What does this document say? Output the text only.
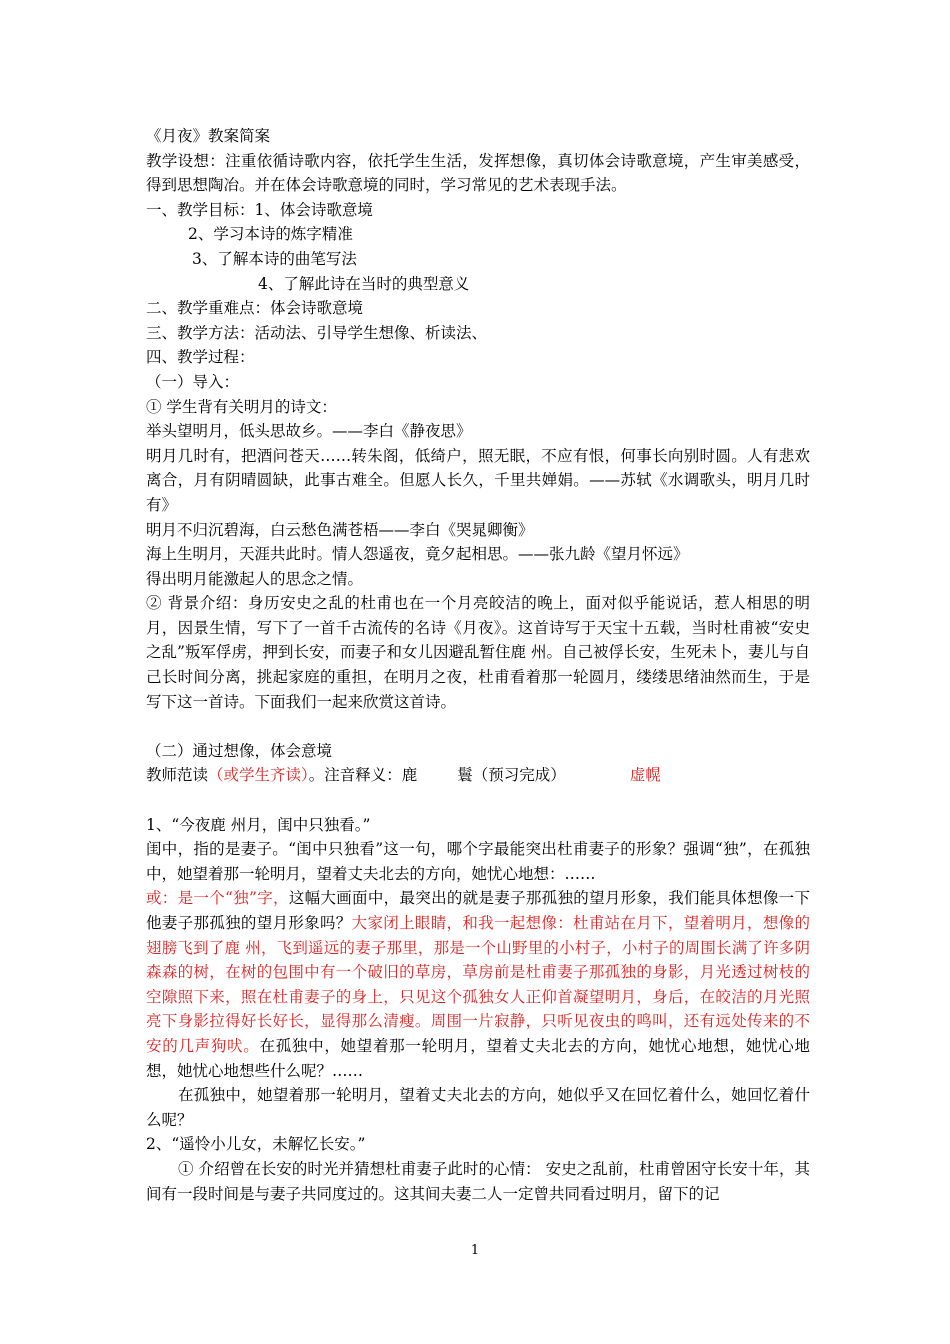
《月夜》教案简案

教学设想：注重依循诗歌内容，依托学生生活，发挥想像，真切体会诗歌意境，产生审美感受，得到思想陶冶。并在体会诗歌意境的同时，学习常见的艺术表现手法。

一、教学目标：1、体会诗歌意境
2、学习本诗的炼字精准
3、了解本诗的曲笔写法
4、了解此诗在当时的典型意义
二、教学重难点：体会诗歌意境
三、教学方法：活动法、引导学生想像、析读法、
四、教学过程：
（一）导入：
① 学生背有关明月的诗文：
举头望明月，低头思故乡。——李白《静夜思》

明月几时有，把酒问苍天……转朱阁，低绮户，照无眠，不应有恨，何事长向别时圆。人有悲欢离合，月有阴晴圆缺，此事古难全。但愿人长久，千里共婵娟。——苏轼《水调歌头，明月几时有》

明月不归沉碧海，白云愁色满苍梧——李白《哭晁卿衡》
海上生明月，天涯共此时。情人怨遥夜，竟夕起相思。——张九龄《望月怀远》
得出明月能激起人的思念之情。

② 背景介绍：身历安史之乱的杜甫也在一个月亮皎洁的晚上，面对似乎能说话，惹人相思的明月，因景生情，写下了一首千古流传的名诗《月夜》。这首诗写于天宝十五载，当时杜甫被“安史之乱”叛军俘虏，押到长安，而妻子和女儿因避乱暂住鹿 州。自己被俘长安，生死未卜，妻儿与自己长时间分离，挑起家庭的重担，在明月之夜，杜甫看着那一轮圆月，缕缕思绪油然而生，于是写下这一首诗。下面我们一起来欣赏这首诗。

（二）通过想像，体会意境
教师范读（或学生齐读）。注音释义：鹿	鬟（预习完成）	虚幌
1、“今夜鹿 州月，闺中只独看。”

闺中，指的是妻子。“闺中只独看”这一句，哪个字最能突出杜甫妻子的形象？强调“独”，在孤独中，她望着那一轮明月，望着丈夫北去的方向，她忧心地想：……

或：是一个“独”字，这幅大画面中，最突出的就是妻子那孤独的望月形象，我们能具体想像一下他妻子那孤独的望月形象吗？大家闭上眼睛，和我一起想像：杜甫站在月下，望着明月，想像的翅膀飞到了鹿 州，飞到遥远的妻子那里，那是一个山野里的小村子，小村子的周围长满了许多阴森森的树，在树的包围中有一个破旧的草房，草房前是杜甫妻子那孤独的身影，月光透过树枝的空隙照下来，照在杜甫妻子的身上，只见这个孤独女人正仰首凝望明月，身后，在皎洁的月光照亮下身影拉得好长好长，显得那么清瘦。周围一片寂静，只听见夜虫的鸣叫，还有远处传来的不安的几声狗吠。在孤独中，她望着那一轮明月，望着丈夫北去的方向，她忧心地想，她忧心地想，她忧心地想些什么呢？……

在孤独中，她望着那一轮明月，望着丈夫北去的方向，她似乎又在回忆着什么，她回忆着什么呢？

2、“遥怜小儿女，未解忆长安。”

① 介绍曾在长安的时光并猜想杜甫妻子此时的心情： 安史之乱前，杜甫曾困守长安十年，其间有一段时间是与妻子共同度过的。这其间夫妻二人一定曾共同看过明月，留下的记

1
